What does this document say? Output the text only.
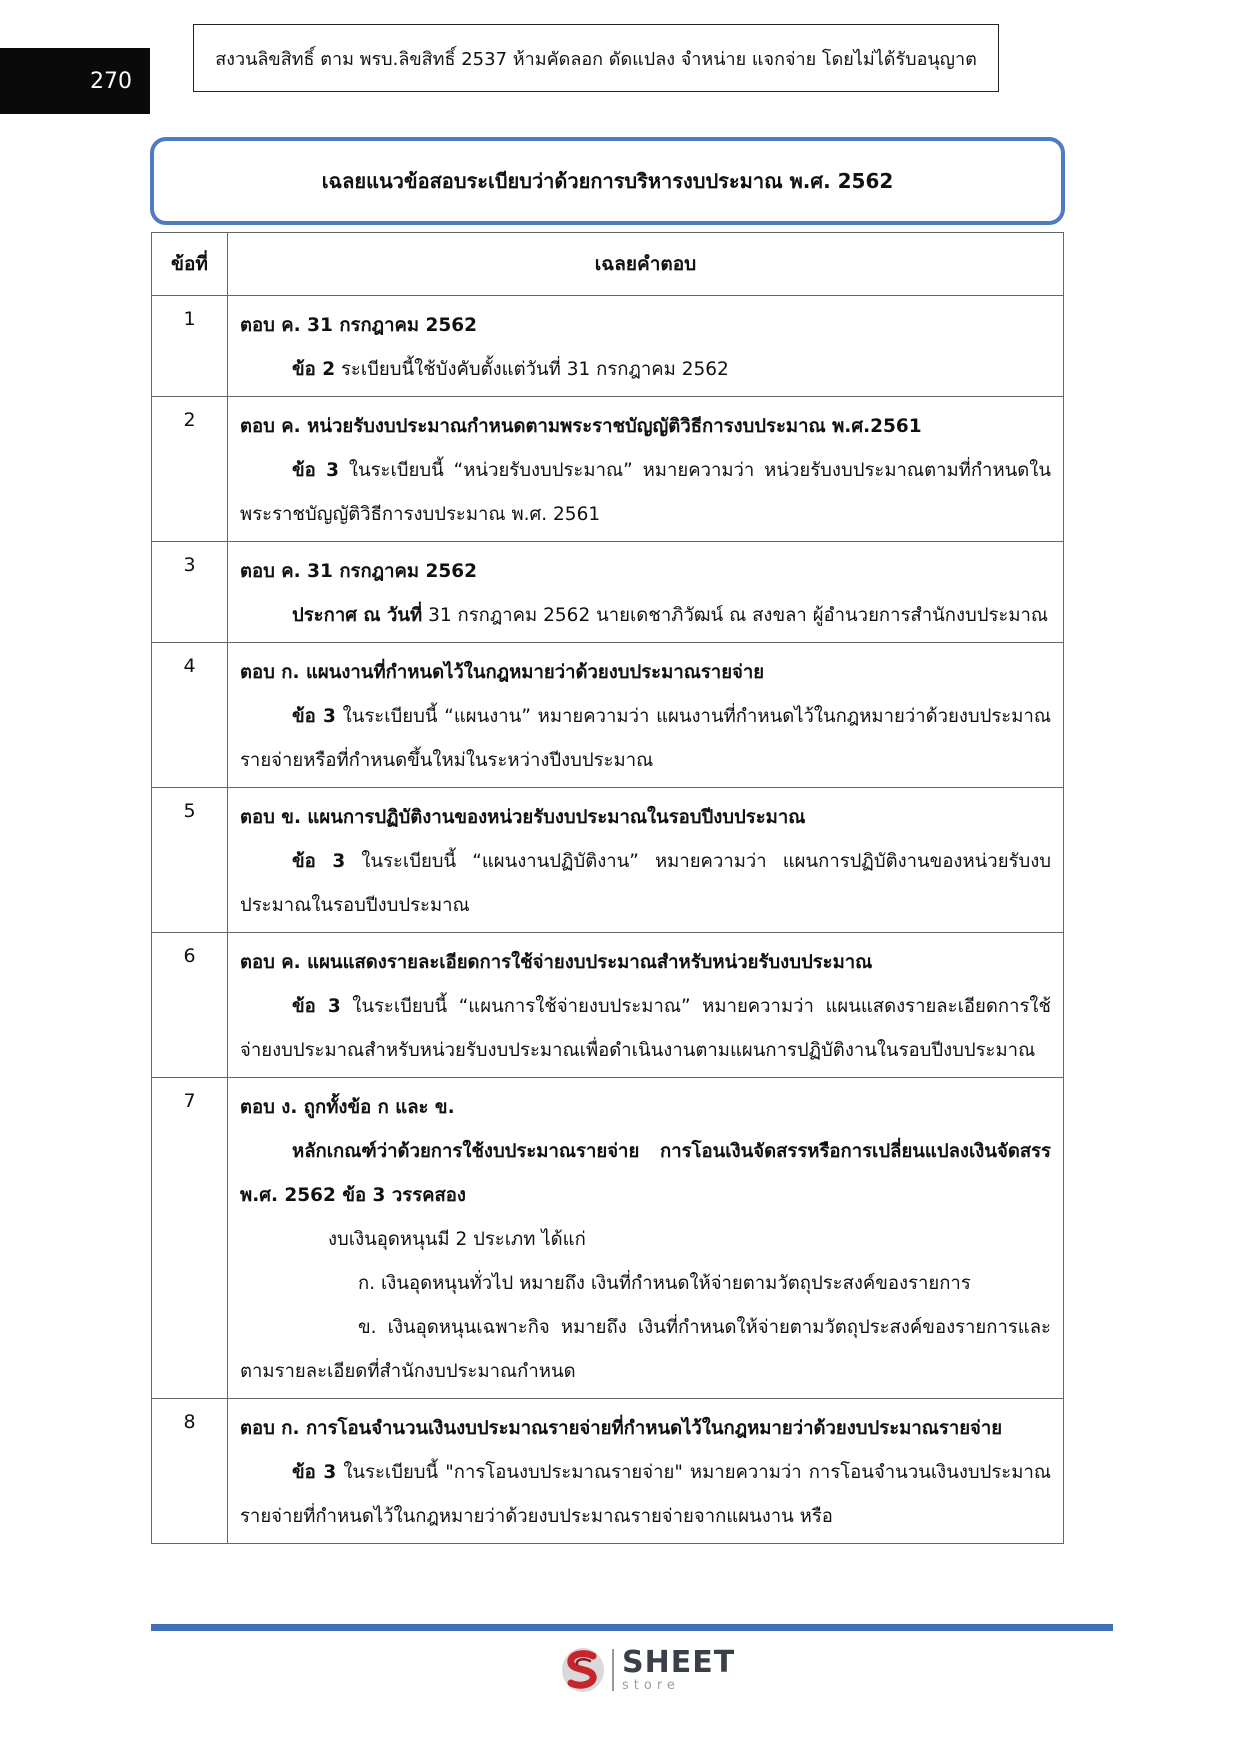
270
สงวนลิขสิทธิ์ ตาม พรบ.ลิขสิทธิ์ 2537 ห้ามคัดลอก ดัดแปลง จำหน่าย แจกจ่าย โดยไม่ได้รับอนุญาต
เฉลยแนวข้อสอบระเบียบว่าด้วยการบริหารงบประมาณ พ.ศ. 2562
ข้อที่	เฉลยคำตอบ
1	ตอบ ค. 31 กรกฎาคม 2562

ข้อ 2 ระเบียบนี้ใช้บังคับตั้งแต่วันที่ 31 กรกฎาคม 2562

2	ตอบ ค. หน่วยรับงบประมาณกำหนดตามพระราชบัญญัติวิธีการงบประมาณ พ.ศ.2561

ข้อ 3 ในระเบียบนี้ “หน่วยรับงบประมาณ” หมายความว่า หน่วยรับงบประมาณตามที่กำหนดในพระราชบัญญัติวิธีการงบประมาณ พ.ศ. 2561

3	ตอบ ค. 31 กรกฎาคม 2562

ประกาศ ณ วันที่ 31 กรกฎาคม 2562 นายเดชาภิวัฒน์ ณ สงขลา ผู้อำนวยการสำนักงบประมาณ

4	ตอบ ก. แผนงานที่กำหนดไว้ในกฎหมายว่าด้วยงบประมาณรายจ่าย

ข้อ 3 ในระเบียบนี้ “แผนงาน” หมายความว่า แผนงานที่กำหนดไว้ในกฎหมายว่าด้วยงบประมาณรายจ่ายหรือที่กำหนดขึ้นใหม่ในระหว่างปีงบประมาณ

5	ตอบ ข. แผนการปฏิบัติงานของหน่วยรับงบประมาณในรอบปีงบประมาณ

ข้อ 3 ในระเบียบนี้ “แผนงานปฏิบัติงาน” หมายความว่า แผนการปฏิบัติงานของหน่วยรับงบประมาณในรอบปีงบประมาณ

6	ตอบ ค. แผนแสดงรายละเอียดการใช้จ่ายงบประมาณสำหรับหน่วยรับงบประมาณ

ข้อ 3 ในระเบียบนี้ “แผนการใช้จ่ายงบประมาณ” หมายความว่า แผนแสดงรายละเอียดการใช้จ่ายงบประมาณสำหรับหน่วยรับงบประมาณเพื่อดำเนินงานตามแผนการปฏิบัติงานในรอบปีงบประมาณ

7	ตอบ ง. ถูกทั้งข้อ ก และ ข.

หลักเกณฑ์ว่าด้วยการใช้งบประมาณรายจ่าย การโอนเงินจัดสรรหรือการเปลี่ยนแปลงเงินจัดสรร พ.ศ. 2562 ข้อ 3 วรรคสอง

งบเงินอุดหนุนมี 2 ประเภท ได้แก่

ก. เงินอุดหนุนทั่วไป หมายถึง เงินที่กำหนดให้จ่ายตามวัตถุประสงค์ของรายการ

ข. เงินอุดหนุนเฉพาะกิจ หมายถึง เงินที่กำหนดให้จ่ายตามวัตถุประสงค์ของรายการและตามรายละเอียดที่สำนักงบประมาณกำหนด

8	ตอบ ก. การโอนจำนวนเงินงบประมาณรายจ่ายที่กำหนดไว้ในกฎหมายว่าด้วยงบประมาณรายจ่าย

ข้อ 3 ในระเบียบนี้ "การโอนงบประมาณรายจ่าย" หมายความว่า การโอนจำนวนเงินงบประมาณรายจ่ายที่กำหนดไว้ในกฎหมายว่าด้วยงบประมาณรายจ่ายจากแผนงาน หรือ

SHEET
store
